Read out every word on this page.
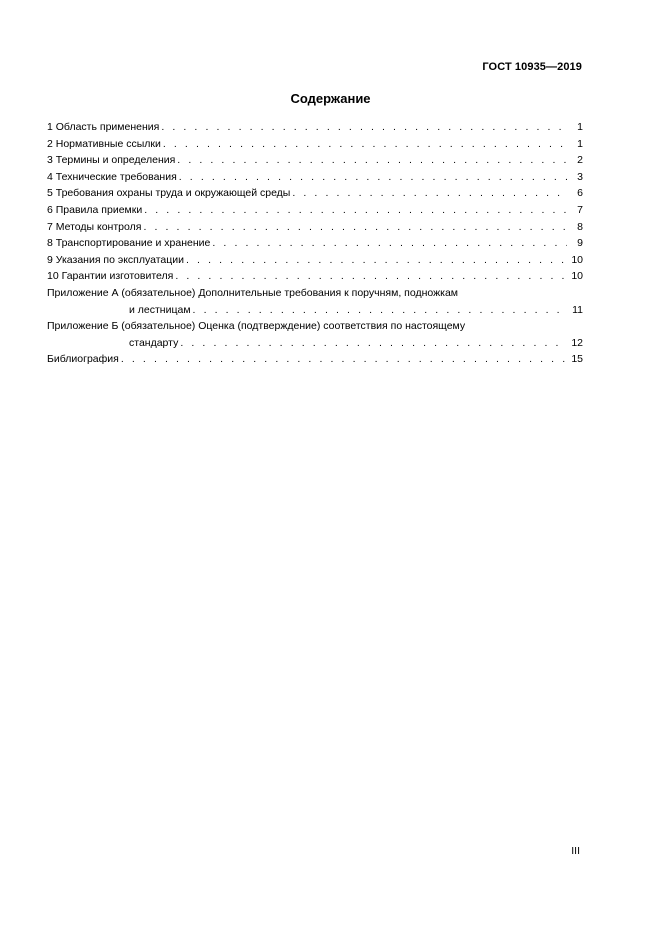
ГОСТ 10935—2019
Содержание
1 Область применения . . .	1
2 Нормативные ссылки . . .	1
3 Термины и определения . . .	2
4 Технические требования . . .	3
5 Требования охраны труда и окружающей среды . . .	6
6 Правила приемки . . .	7
7 Методы контроля . . .	8
8 Транспортирование и хранение . . .	9
9 Указания по эксплуатации . . .	10
10 Гарантии изготовителя . . .	10
Приложение А (обязательное) Дополнительные требования к поручням, подножкам
и лестницам . . .	11
Приложение Б (обязательное) Оценка (подтверждение) соответствия по настоящему
стандарту . . .	12
Библиография . . .	15
III
